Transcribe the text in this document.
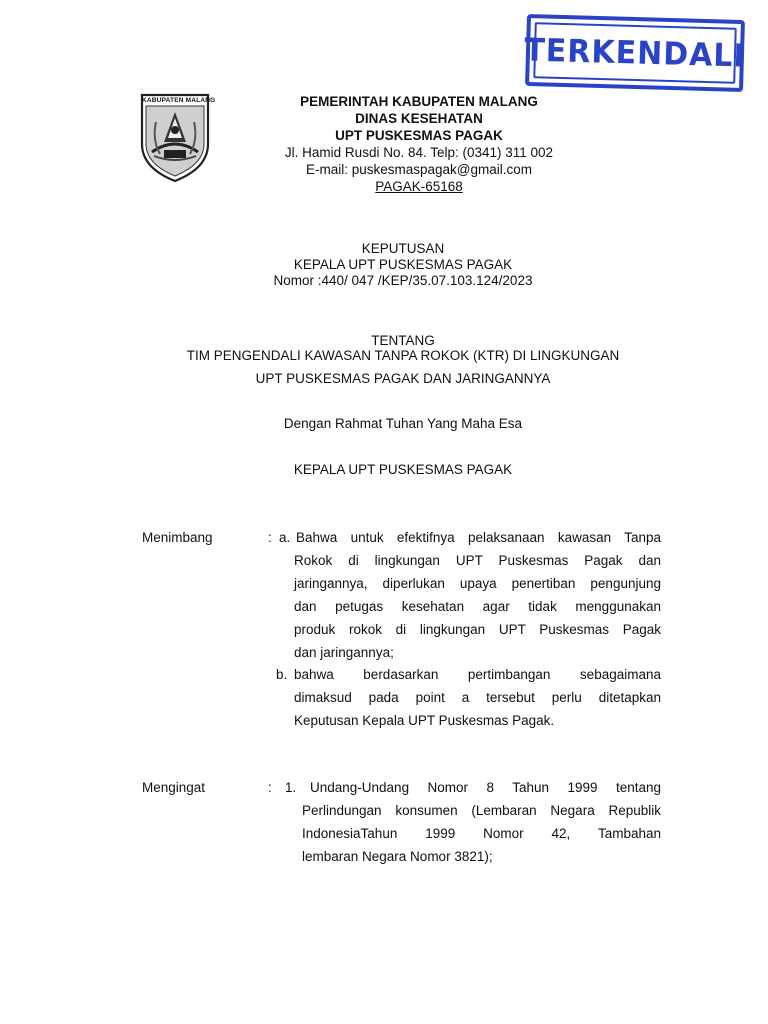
TERKENDALI
KABUPATEN MALANG	PEMERINTAH KABUPATEN MALANG
DINAS KESEHATAN
UPT PUSKESMAS PAGAK
Jl. Hamid Rusdi No. 84. Telp: (0341) 311 002
E-mail: puskesmaspagak@gmail.com
PAGAK-65168
KEPUTUSAN
KEPALA UPT PUSKESMAS PAGAK
Nomor :440/ 047 /KEP/35.07.103.124/2023
TENTANG
TIM PENGENDALI KAWASAN TANPA ROKOK (KTR) DI LINGKUNGAN
UPT PUSKESMAS PAGAK DAN JARINGANNYA
Dengan Rahmat Tuhan Yang Maha Esa
KEPALA UPT PUSKESMAS PAGAK
Menimbang	: a. Bahwa untuk efektifnya pelaksanaan kawasan Tanpa
Rokok di lingkungan UPT Puskesmas Pagak dan
jaringannya, diperlukan upaya penertiban pengunjung
dan petugas kesehatan agar tidak menggunakan
produk rokok di lingkungan UPT Puskesmas Pagak
dan jaringannya;
b. bahwa berdasarkan pertimbangan sebagaimana
dimaksud pada point a tersebut perlu ditetapkan
Keputusan Kepala UPT Puskesmas Pagak.
Mengingat	: 1. Undang-Undang Nomor 8 Tahun 1999 tentang
Perlindungan konsumen (Lembaran Negara Republik
IndonesiaTahun 1999 Nomor 42, Tambahan
lembaran Negara Nomor 3821);
